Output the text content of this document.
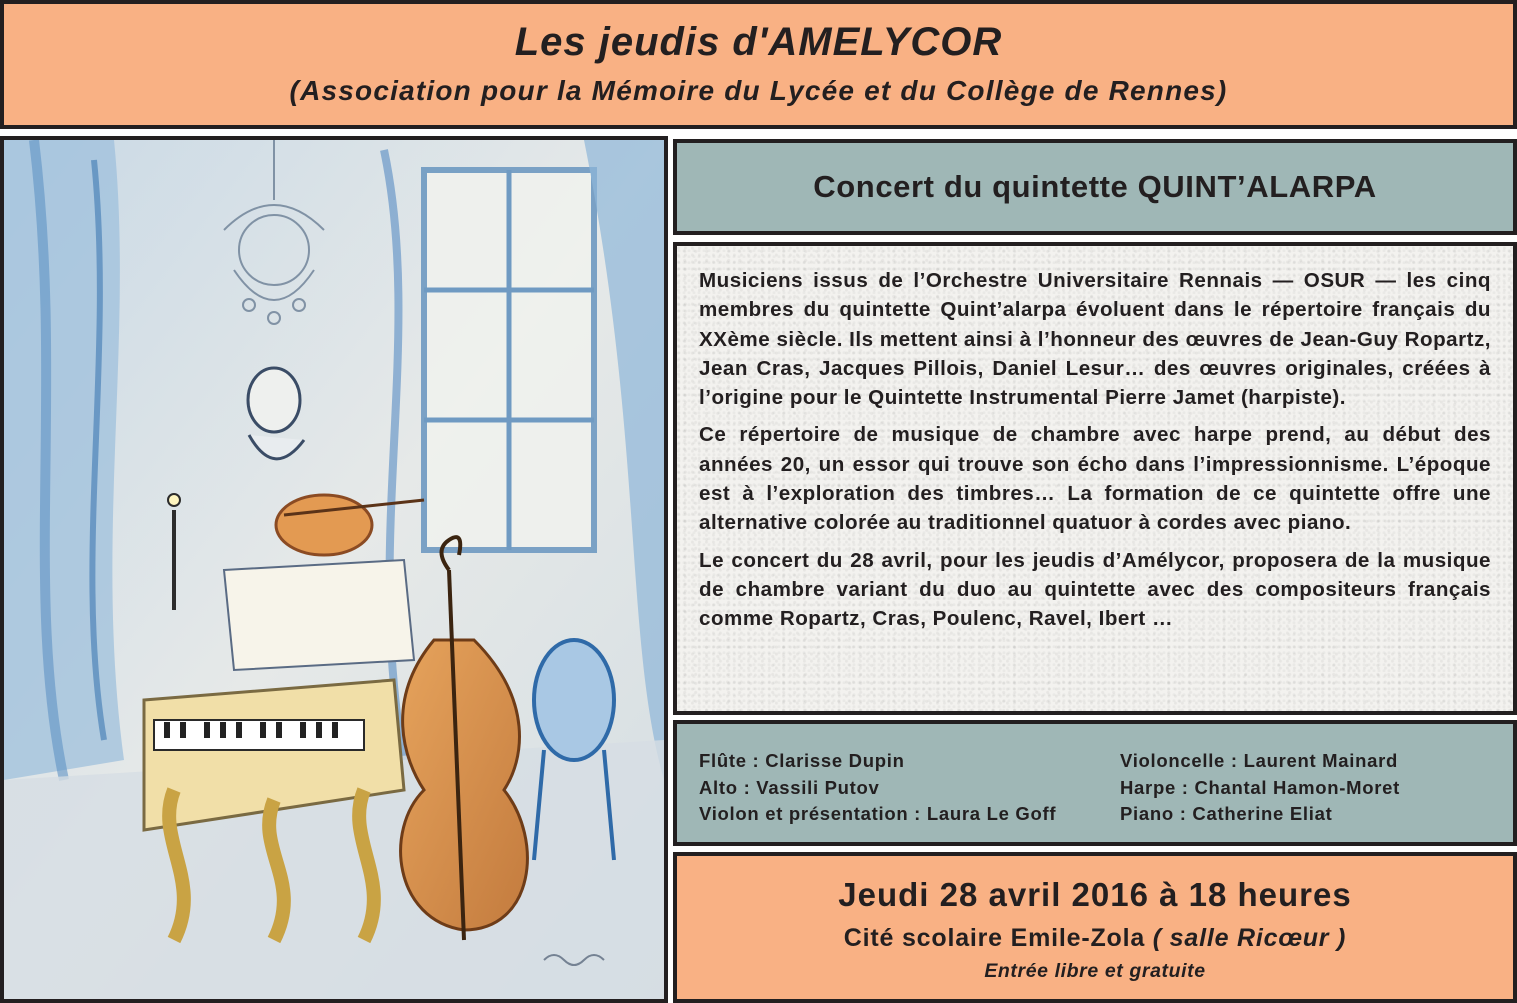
Les jeudis d'AMELYCOR
(Association pour la Mémoire du Lycée et du Collège de Rennes)
Concert du quintette QUINT’ALARPA

Musiciens issus de l’Orchestre Universitaire Rennais — OSUR — les cinq membres du quintette Quint’alarpa évoluent dans le répertoire français du XXème siècle. Ils mettent ainsi à l’honneur des œuvres de Jean-Guy Ropartz, Jean Cras, Jacques Pillois, Daniel Lesur… des œuvres originales, créées à l’origine pour le Quintette Instrumental Pierre Jamet (harpiste).

Ce répertoire de musique de chambre avec harpe prend, au début des années 20, un essor qui trouve son écho dans l’impressionnisme. L’époque est à l’exploration des timbres… La formation de ce quintette offre une alternative colorée au traditionnel quatuor à cordes avec piano.

Le concert du 28 avril, pour les jeudis d’Amélycor, proposera de la musique de chambre variant du duo au quintette avec des compositeurs français comme Ropartz, Cras, Poulenc, Ravel, Ibert …

Flûte : Clarisse Dupin
Alto : Vassili Putov
Violon et présentation : Laura Le Goff
Violoncelle : Laurent Mainard
Harpe : Chantal Hamon-Moret
Piano : Catherine Eliat
Jeudi 28 avril 2016 à 18 heures
Cité scolaire Emile-Zola ( salle Ricœur )
Entrée libre et gratuite
